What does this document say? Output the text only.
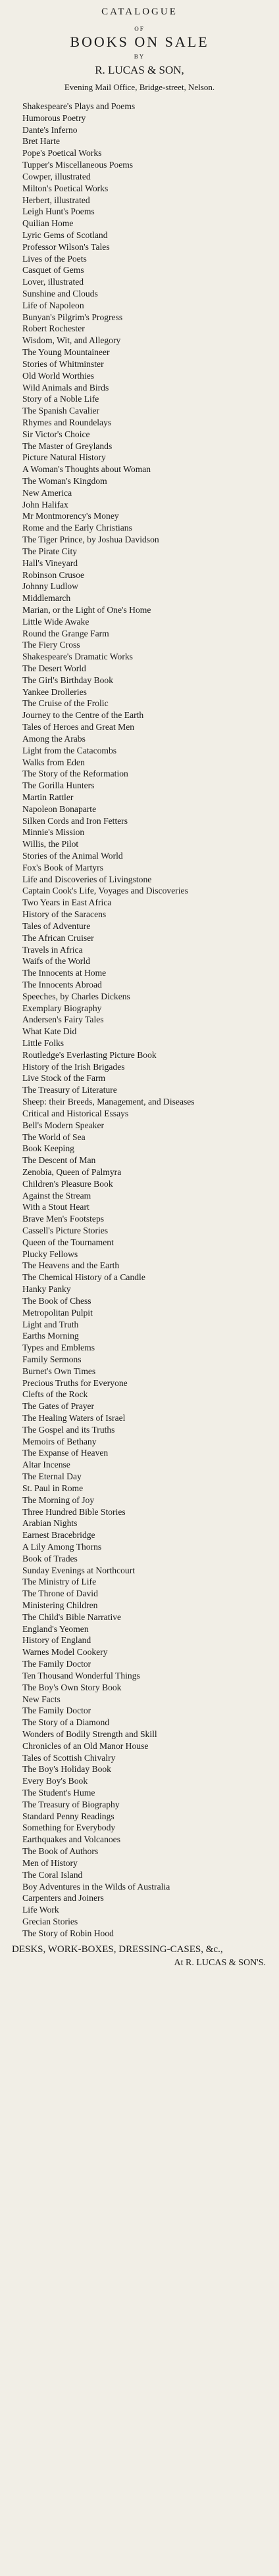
CATALOGUE
OF
BOOKS ON SALE
BY
R. LUCAS & SON,
Evening Mail Office, Bridge-street, Nelson.
Shakespeare's Plays and Poems
Humorous Poetry
Dante's Inferno
Bret Harte
Pope's Poetical Works
Tupper's Miscellaneous Poems
Cowper, illustrated
Milton's Poetical Works
Herbert, illustrated
Leigh Hunt's Poems
Quilian Home
Lyric Gems of Scotland
Professor Wilson's Tales
Lives of the Poets
Casquet of Gems
Lover, illustrated
Sunshine and Clouds
Life of Napoleon
Bunyan's Pilgrim's Progress
Robert Rochester
Wisdom, Wit, and Allegory
The Young Mountaineer
Stories of Whitminster
Old World Worthies
Wild Animals and Birds
Story of a Noble Life
The Spanish Cavalier
Rhymes and Roundelays
Sir Victor's Choice
The Master of Greylands
Picture Natural History
A Woman's Thoughts about Woman
The Woman's Kingdom
New America
John Halifax
Mr Montmorency's Money
Rome and the Early Christians
The Tiger Prince, by Joshua Davidson
The Pirate City
Hall's Vineyard
Robinson Crusoe
Johnny Ludlow
Middlemarch
Marian, or the Light of One's Home
Little Wide Awake
Round the Grange Farm
The Fiery Cross
Shakespeare's Dramatic Works
The Desert World
The Girl's Birthday Book
Yankee Drolleries
The Cruise of the Frolic
Journey to the Centre of the Earth
Tales of Heroes and Great Men
Among the Arabs
Light from the Catacombs
Walks from Eden
The Story of the Reformation
The Gorilla Hunters
Martin Rattler
Napoleon Bonaparte
Silken Cords and Iron Fetters
Minnie's Mission
Willis, the Pilot
Stories of the Animal World
Fox's Book of Martyrs
Life and Discoveries of Livingstone
Captain Cook's Life, Voyages and Discoveries
Two Years in East Africa
History of the Saracens
Tales of Adventure
The African Cruiser
Travels in Africa
Waifs of the World
The Innocents at Home
The Innocents Abroad
Speeches, by Charles Dickens
Exemplary Biography
Andersen's Fairy Tales
What Kate Did
Little Folks
Routledge's Everlasting Picture Book
History of the Irish Brigades
Live Stock of the Farm
The Treasury of Literature
Sheep: their Breeds, Management, and Diseases
Critical and Historical Essays
Bell's Modern Speaker
The World of Sea
Book Keeping
The Descent of Man
Zenobia, Queen of Palmyra
Children's Pleasure Book
Against the Stream
With a Stout Heart
Brave Men's Footsteps
Cassell's Picture Stories
Queen of the Tournament
Plucky Fellows
The Heavens and the Earth
The Chemical History of a Candle
Hanky Panky
The Book of Chess
Metropolitan Pulpit
Light and Truth
Earths Morning
Types and Emblems
Family Sermons
Burnet's Own Times
Precious Truths for Everyone
Clefts of the Rock
The Gates of Prayer
The Healing Waters of Israel
The Gospel and its Truths
Memoirs of Bethany
The Expanse of Heaven
Altar Incense
The Eternal Day
St. Paul in Rome
The Morning of Joy
Three Hundred Bible Stories
Arabian Nights
Earnest Bracebridge
A Lily Among Thorns
Book of Trades
Sunday Evenings at Northcourt
The Ministry of Life
The Throne of David
Ministering Children
The Child's Bible Narrative
England's Yeomen
History of England
Warnes Model Cookery
The Family Doctor
Ten Thousand Wonderful Things
The Boy's Own Story Book
New Facts
The Family Doctor
The Story of a Diamond
Wonders of Bodily Strength and Skill
Chronicles of an Old Manor House
Tales of Scottish Chivalry
The Boy's Holiday Book
Every Boy's Book
The Student's Hume
The Treasury of Biography
Standard Penny Readings
Something for Everybody
Earthquakes and Volcanoes
The Book of Authors
Men of History
The Coral Island
Boy Adventures in the Wilds of Australia
Carpenters and Joiners
Life Work
Grecian Stories
The Story of Robin Hood
DESKS, WORK-BOXES, DRESSING-CASES, &c.,
At R. LUCAS & SON'S.
